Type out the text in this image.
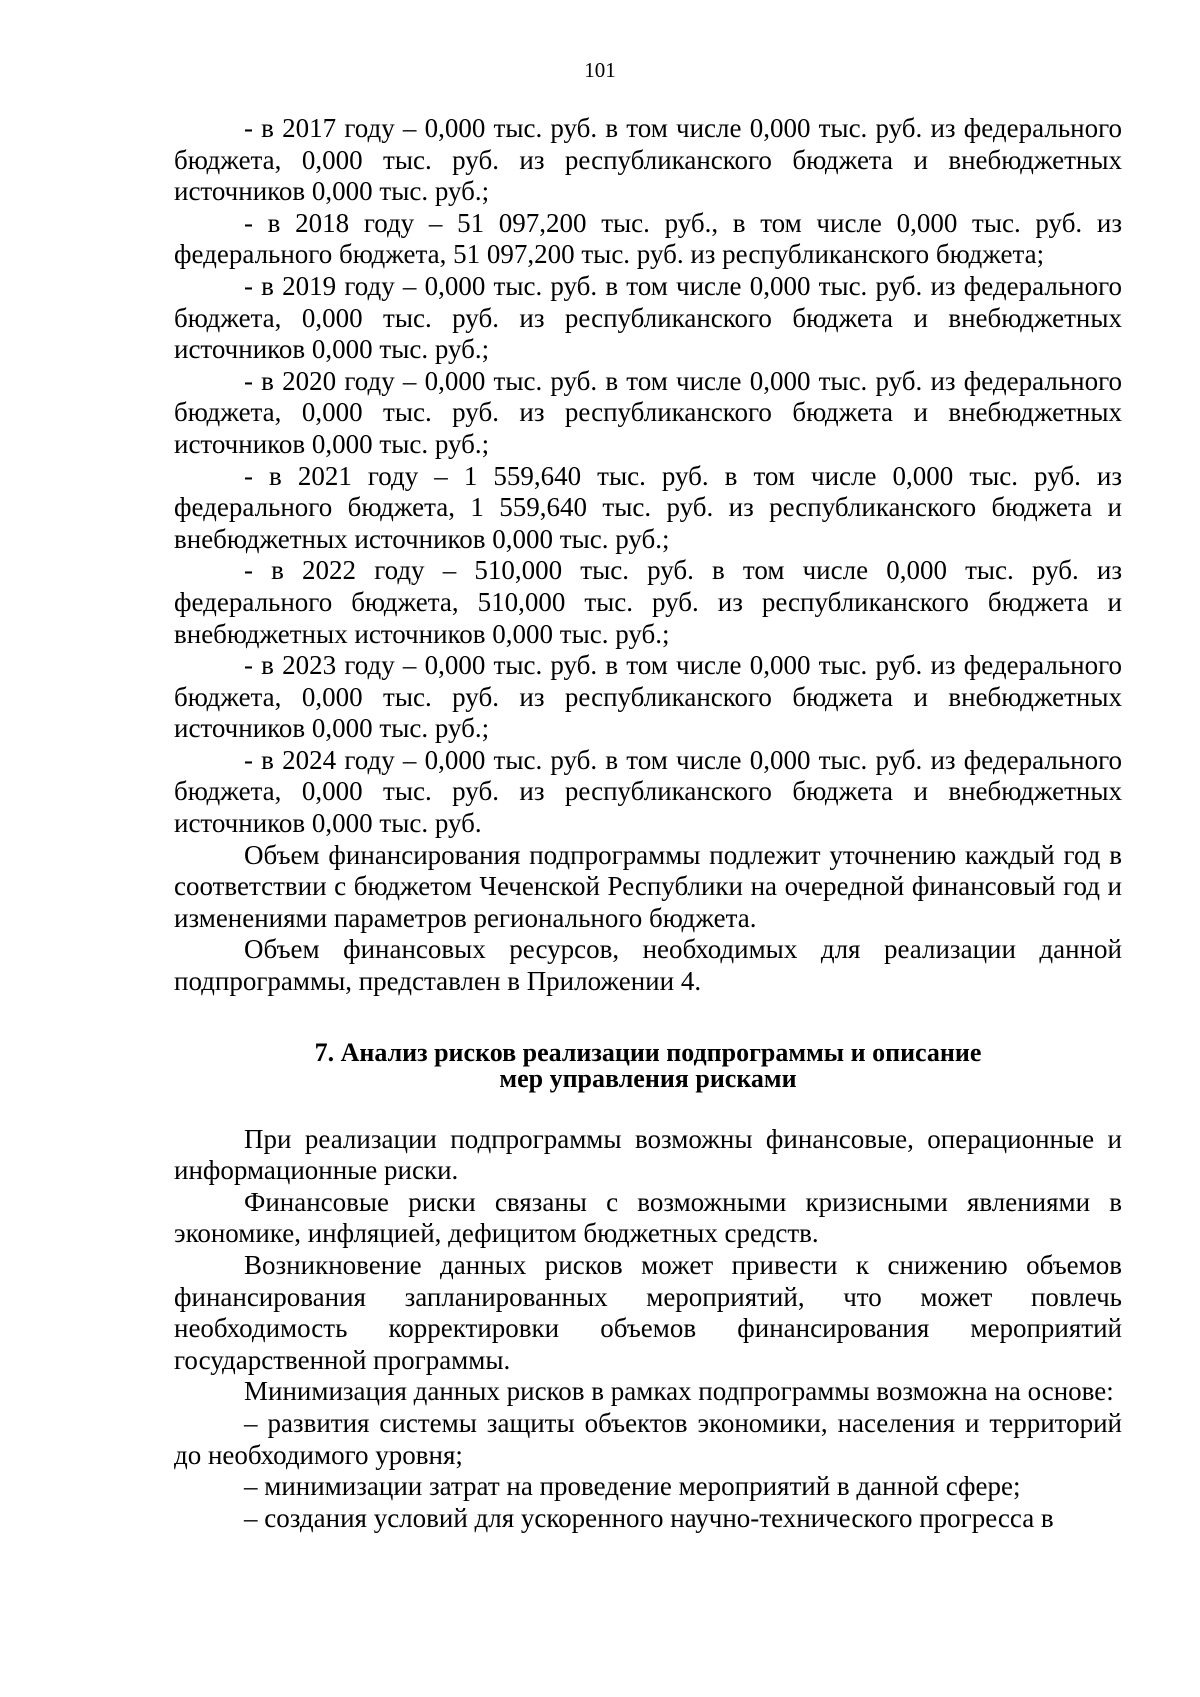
101

- в 2017 году – 0,000 тыс. руб. в том числе 0,000 тыс. руб. из федерального бюджета, 0,000 тыс. руб. из республиканского бюджета и внебюджетных источников 0,000 тыс. руб.;

- в 2018 году – 51 097,200 тыс. руб., в том числе 0,000 тыс. руб. из федерального бюджета, 51 097,200 тыс. руб. из республиканского бюджета;

- в 2019 году – 0,000 тыс. руб. в том числе 0,000 тыс. руб. из федерального бюджета, 0,000 тыс. руб. из республиканского бюджета и внебюджетных источников 0,000 тыс. руб.;

- в 2020 году – 0,000 тыс. руб. в том числе 0,000 тыс. руб. из федерального бюджета, 0,000 тыс. руб. из республиканского бюджета и внебюджетных источников 0,000 тыс. руб.;

- в 2021 году – 1 559,640 тыс. руб. в том числе 0,000 тыс. руб. из федерального бюджета, 1 559,640 тыс. руб. из республиканского бюджета и внебюджетных источников 0,000 тыс. руб.;

- в 2022 году – 510,000 тыс. руб. в том числе 0,000 тыс. руб. из федерального бюджета, 510,000 тыс. руб. из республиканского бюджета и внебюджетных источников 0,000 тыс. руб.;

- в 2023 году – 0,000 тыс. руб. в том числе 0,000 тыс. руб. из федерального бюджета, 0,000 тыс. руб. из республиканского бюджета и внебюджетных источников 0,000 тыс. руб.;

- в 2024 году – 0,000 тыс. руб. в том числе 0,000 тыс. руб. из федерального бюджета, 0,000 тыс. руб. из республиканского бюджета и внебюджетных источников 0,000 тыс. руб.

Объем финансирования подпрограммы подлежит уточнению каждый год в соответствии с бюджетом Чеченской Республики на очередной финансовый год и изменениями параметров регионального бюджета.

Объем финансовых ресурсов, необходимых для реализации данной подпрограммы, представлен в Приложении 4.

7. Анализ рисков реализации подпрограммы и описание
мер управления рисками

При реализации подпрограммы возможны финансовые, операционные и информационные риски.

Финансовые риски связаны с возможными кризисными явлениями в экономике, инфляцией, дефицитом бюджетных средств.

Возникновение данных рисков может привести к снижению объемов финансирования запланированных мероприятий, что может повлечь необходимость корректировки объемов финансирования мероприятий государственной программы.

Минимизация данных рисков в рамках подпрограммы возможна на основе:

– развития системы защиты объектов экономики, населения и территорий до необходимого уровня;

– минимизации затрат на проведение мероприятий в данной сфере;

– создания условий для ускоренного научно-технического прогресса в
